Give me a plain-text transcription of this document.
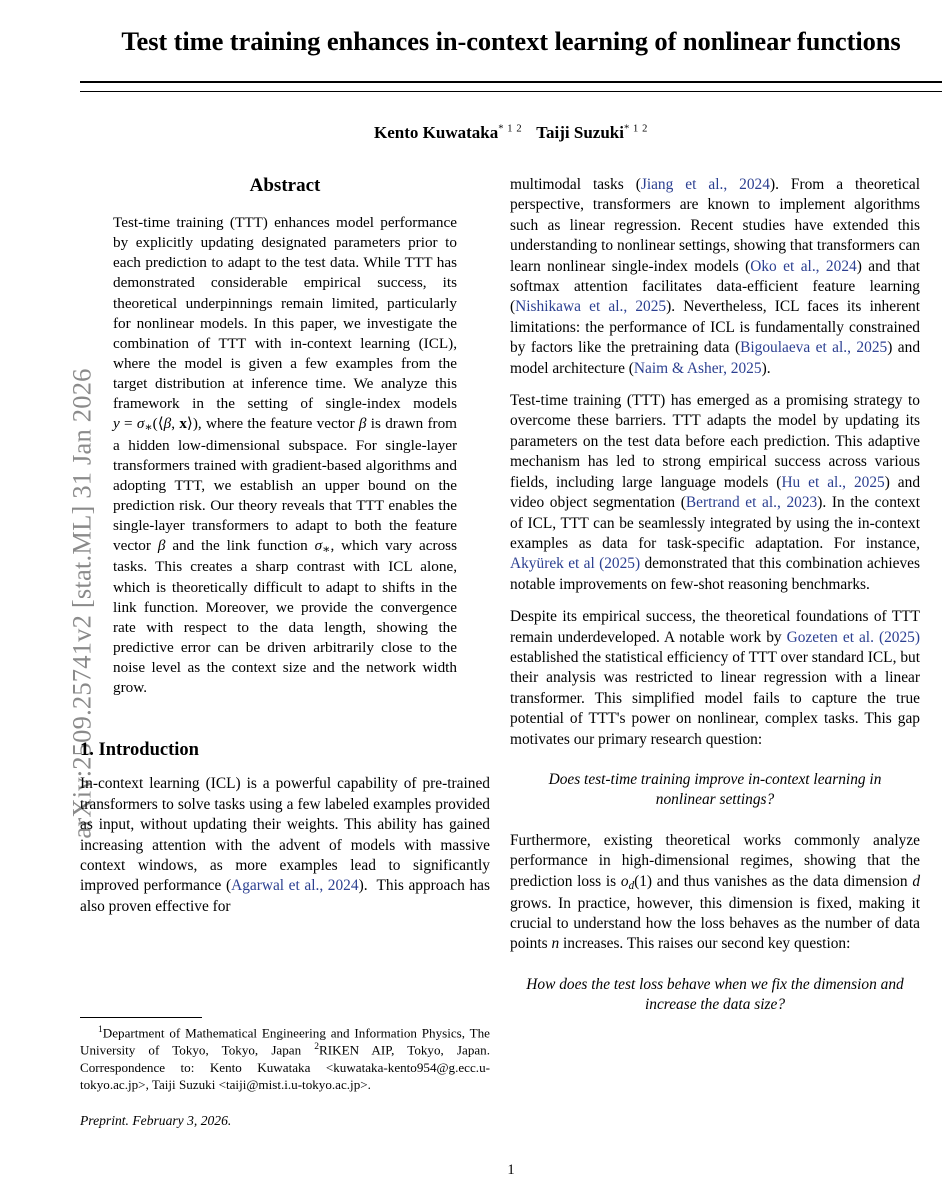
arXiv:2509.25741v2 [stat.ML] 31 Jan 2026
Test time training enhances in-context learning of nonlinear functions
Kento Kuwataka$^{* 1 2}$ Taiji Suzuki$^{* 1 2}$
Abstract
Test-time training (TTT) enhances model performance by explicitly updating designated parameters prior to each prediction to adapt to the test data. While TTT has demonstrated considerable empirical success, its theoretical underpinnings remain limited, particularly for nonlinear models. In this paper, we investigate the combination of TTT with in-context learning (ICL), where the model is given a few examples from the target distribution at inference time. We analyze this framework in the setting of single-index models $y = \sigma_∗(⟨\beta$, x⟩), where the feature vector β is drawn from a hidden low-dimensional subspace. For single-layer transformers trained with gradient-based algorithms and adopting TTT, we establish an upper bound on the prediction risk. Our theory reveals that TTT enables the single-layer transformers to adapt to both the feature vector β and the link function $\sigma_∗$, which vary across tasks. This creates a sharp contrast with ICL alone, which is theoretically difficult to adapt to shifts in the link function. Moreover, we provide the convergence rate with respect to the data length, showing the predictive error can be driven arbitrarily close to the noise level as the context size and the network width grow.
1. Introduction

In-context learning (ICL) is a powerful capability of pre-trained transformers to solve tasks using a few labeled examples provided as input, without updating their weights. This ability has gained increasing attention with the advent of models with massive context windows, as more examples lead to significantly improved performance (Agarwal et al., 2024).  This approach has also proven effective for

$^1$Department of Mathematical Engineering and Information Physics, The University of Tokyo, Tokyo, Japan $^2$RIKEN AIP, Tokyo, Japan. Correspondence to: Kento Kuwataka <kuwataka-kento954@g.ecc.u-tokyo.ac.jp>, Taiji Suzuki <taiji@mist.i.u-tokyo.ac.jp>.

Preprint. February 3, 2026.

multimodal tasks (Jiang et al., 2024). From a theoretical perspective, transformers are known to implement algorithms such as linear regression. Recent studies have extended this understanding to nonlinear settings, showing that transformers can learn nonlinear single-index models (Oko et al., 2024) and that softmax attention facilitates data-efficient feature learning (Nishikawa et al., 2025). Nevertheless, ICL faces its inherent limitations: the performance of ICL is fundamentally constrained by factors like the pretraining data (Bigoulaeva et al., 2025) and model architecture (Naim & Asher, 2025).

Test-time training (TTT) has emerged as a promising strategy to overcome these barriers. TTT adapts the model by updating its parameters on the test data before each prediction. This adaptive mechanism has led to strong empirical success across various fields, including large language models (Hu et al., 2025) and video object segmentation (Bertrand et al., 2023). In the context of ICL, TTT can be seamlessly integrated by using the in-context examples as data for task-specific adaptation. For instance, Akyürek et al (2025) demonstrated that this combination achieves notable improvements on few-shot reasoning benchmarks.

Despite its empirical success, the theoretical foundations of TTT remain underdeveloped. A notable work by Gozeten et al. (2025) established the statistical efficiency of TTT over standard ICL, but their analysis was restricted to linear regression with a linear transformer. This simplified model fails to capture the true potential of TTT's power on nonlinear, complex tasks. This gap motivates our primary research question:

Does test-time training improve in-context learning in nonlinear settings?

Furthermore, existing theoretical works commonly analyze performance in high-dimensional regimes, showing that the prediction loss is $o_d(1)$ and thus vanishes as the data dimension d grows. In practice, however, this dimension is fixed, making it crucial to understand how the loss behaves as the number of data points n increases. This raises our second key question:

How does the test loss behave when we fix the dimension and increase the data size?

1
